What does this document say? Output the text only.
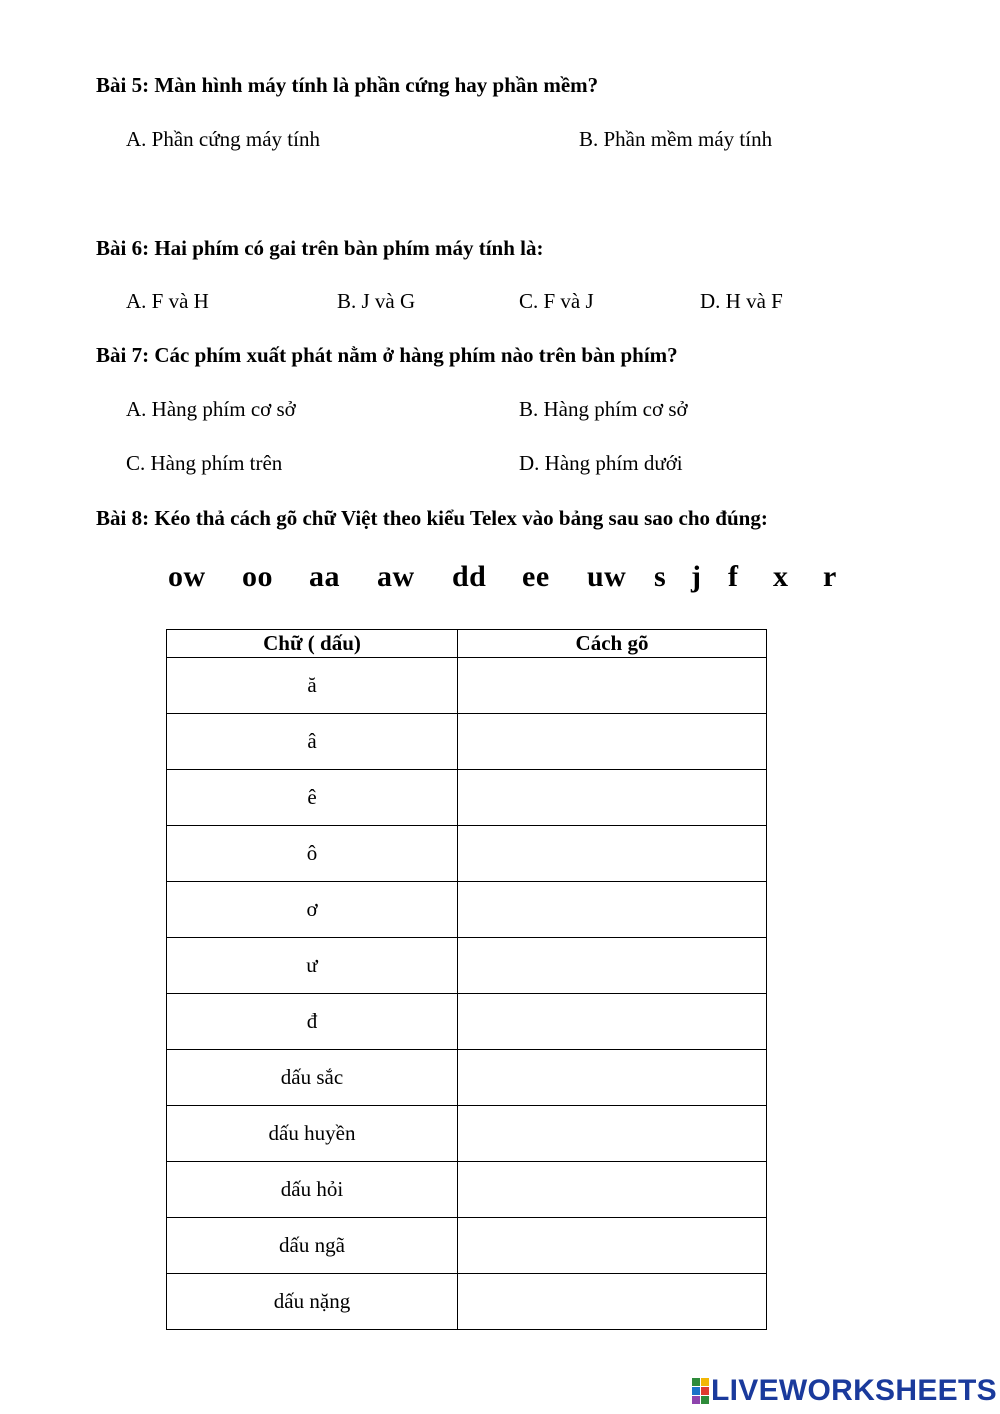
Bài 5: Màn hình máy tính là phần cứng hay phần mềm?
A. Phần cứng máy tính	B. Phần mềm máy tính
Bài 6: Hai phím có gai trên bàn phím máy tính là:
A. F và H	B. J và G	C. F và J	D. H và F
Bài 7: Các phím xuất phát nằm ở hàng phím nào trên bàn phím?
A. Hàng phím cơ sở	B. Hàng phím cơ sở
C. Hàng phím trên	D. Hàng phím dưới
Bài 8: Kéo thả cách gõ chữ Việt theo kiểu Telex vào bảng sau sao cho đúng:
ow oo aa aw dd ee uw s j f x r
Chữ ( dấu)	Cách gõ
ă	
â	
ê	
ô	
ơ	
ư	
đ	
dấu sắc	
dấu huyền	
dấu hỏi	
dấu ngã	
dấu nặng	
LIVEWORKSHEETS
